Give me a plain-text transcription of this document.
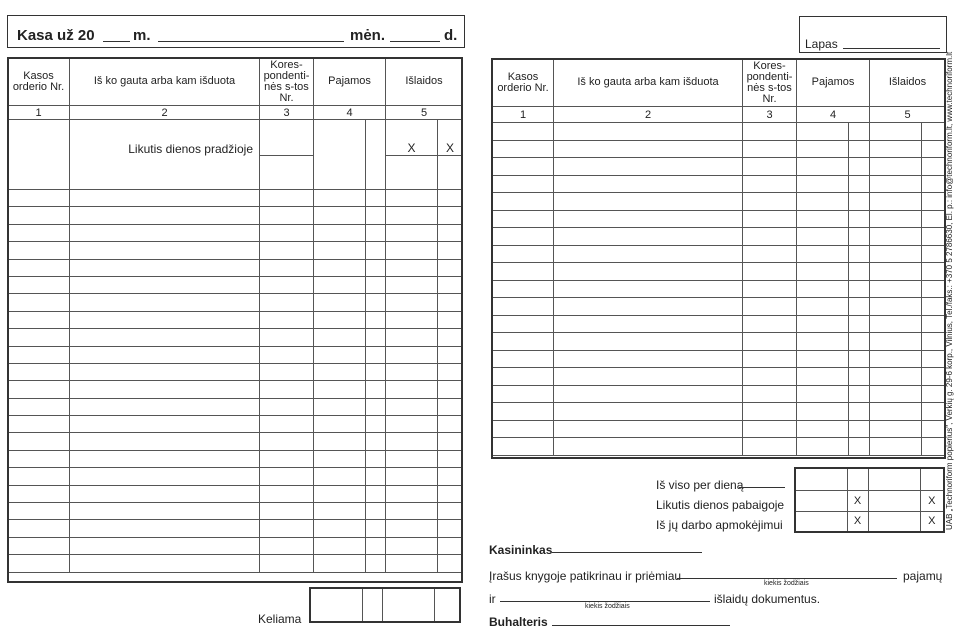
Kasa už 20	m.	mėn.	d.
Kasos orderio Nr.	Iš ko gauta arba kam išduota	Kores-pondenti-nės s-tos Nr.	Pajamos		Išlaidos	
1	2	3	4		5	
	Likutis dienos pradžioje				X	X

Keliama

Lapas
Kasos orderio Nr.	Iš ko gauta arba kam išduota	Kores-pondenti-nės s-tos Nr.	Pajamos		Išlaidos	
1	2	3	4		5	

Iš viso per dieną
Likutis dienos pabaigoje
Iš jų darbo apmokėjimui

	X		X
	X		X
Kasininkas
Įrašus knygoje patikrinau ir priėmiau
kiekis žodžiais
pajamų
ir
kiekis žodžiais
išlaidų dokumentus.
Buhalteris
UAB „Technoriform popierius", Verkių g. 29-6 korp., Vilnius, Tel./faks.: +370 5 2786630, El. p.: info@technoriform.lt, www.technoriform.lt
